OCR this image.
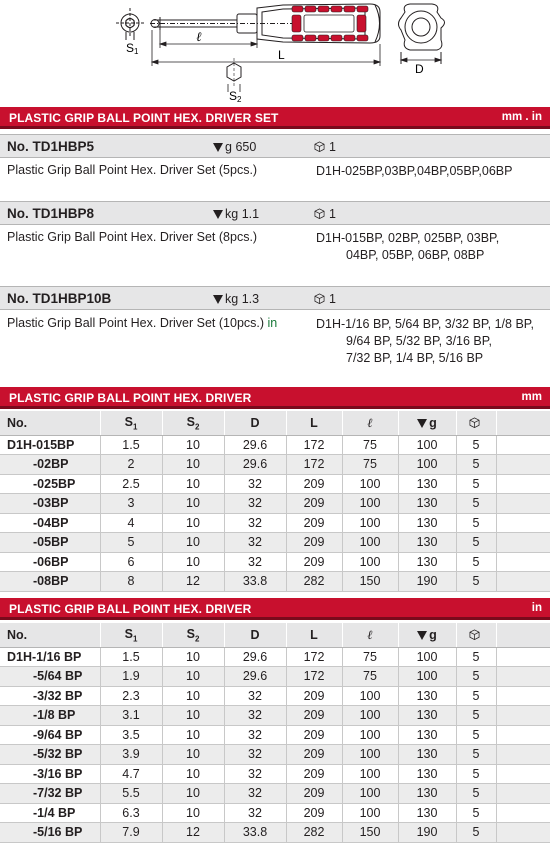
S1
ℓ
L
S2
D
PLASTIC GRIP BALL POINT HEX. DRIVER SET	mm . in
No. TD1HBP5	g 650	1
Plastic Grip Ball Point Hex. Driver Set (5pcs.)	D1H-025BP,03BP,04BP,05BP,06BP
No. TD1HBP8	kg 1.1	1
Plastic Grip Ball Point Hex. Driver Set (8pcs.)	D1H-015BP, 02BP, 025BP, 03BP,
04BP, 05BP, 06BP, 08BP
No. TD1HBP10B	kg 1.3	1
Plastic Grip Ball Point Hex. Driver Set (10pcs.) in	D1H-1/16 BP, 5/64 BP, 3/32 BP, 1/8 BP,
9/64 BP, 5/32 BP, 3/16 BP,
7/32 BP, 1/4 BP, 5/16 BP
PLASTIC GRIP BALL POINT HEX. DRIVER	mm
No.	$S_1$	$S_2$	D	L	ℓ	g		
D1H-015BP	1.5	10	29.6	172	75	100	5	
-02BP	2	10	29.6	172	75	100	5	
-025BP	2.5	10	32	209	100	130	5	
-03BP	3	10	32	209	100	130	5	
-04BP	4	10	32	209	100	130	5	
-05BP	5	10	32	209	100	130	5	
-06BP	6	10	32	209	100	130	5	
-08BP	8	12	33.8	282	150	190	5	
PLASTIC GRIP BALL POINT HEX. DRIVER	in
No.	$S_1$	$S_2$	D	L	ℓ	g		
D1H-1/16 BP	1.5	10	29.6	172	75	100	5	
-5/64 BP	1.9	10	29.6	172	75	100	5	
-3/32 BP	2.3	10	32	209	100	130	5	
-1/8 BP	3.1	10	32	209	100	130	5	
-9/64 BP	3.5	10	32	209	100	130	5	
-5/32 BP	3.9	10	32	209	100	130	5	
-3/16 BP	4.7	10	32	209	100	130	5	
-7/32 BP	5.5	10	32	209	100	130	5	
-1/4 BP	6.3	10	32	209	100	130	5	
-5/16 BP	7.9	12	33.8	282	150	190	5	
